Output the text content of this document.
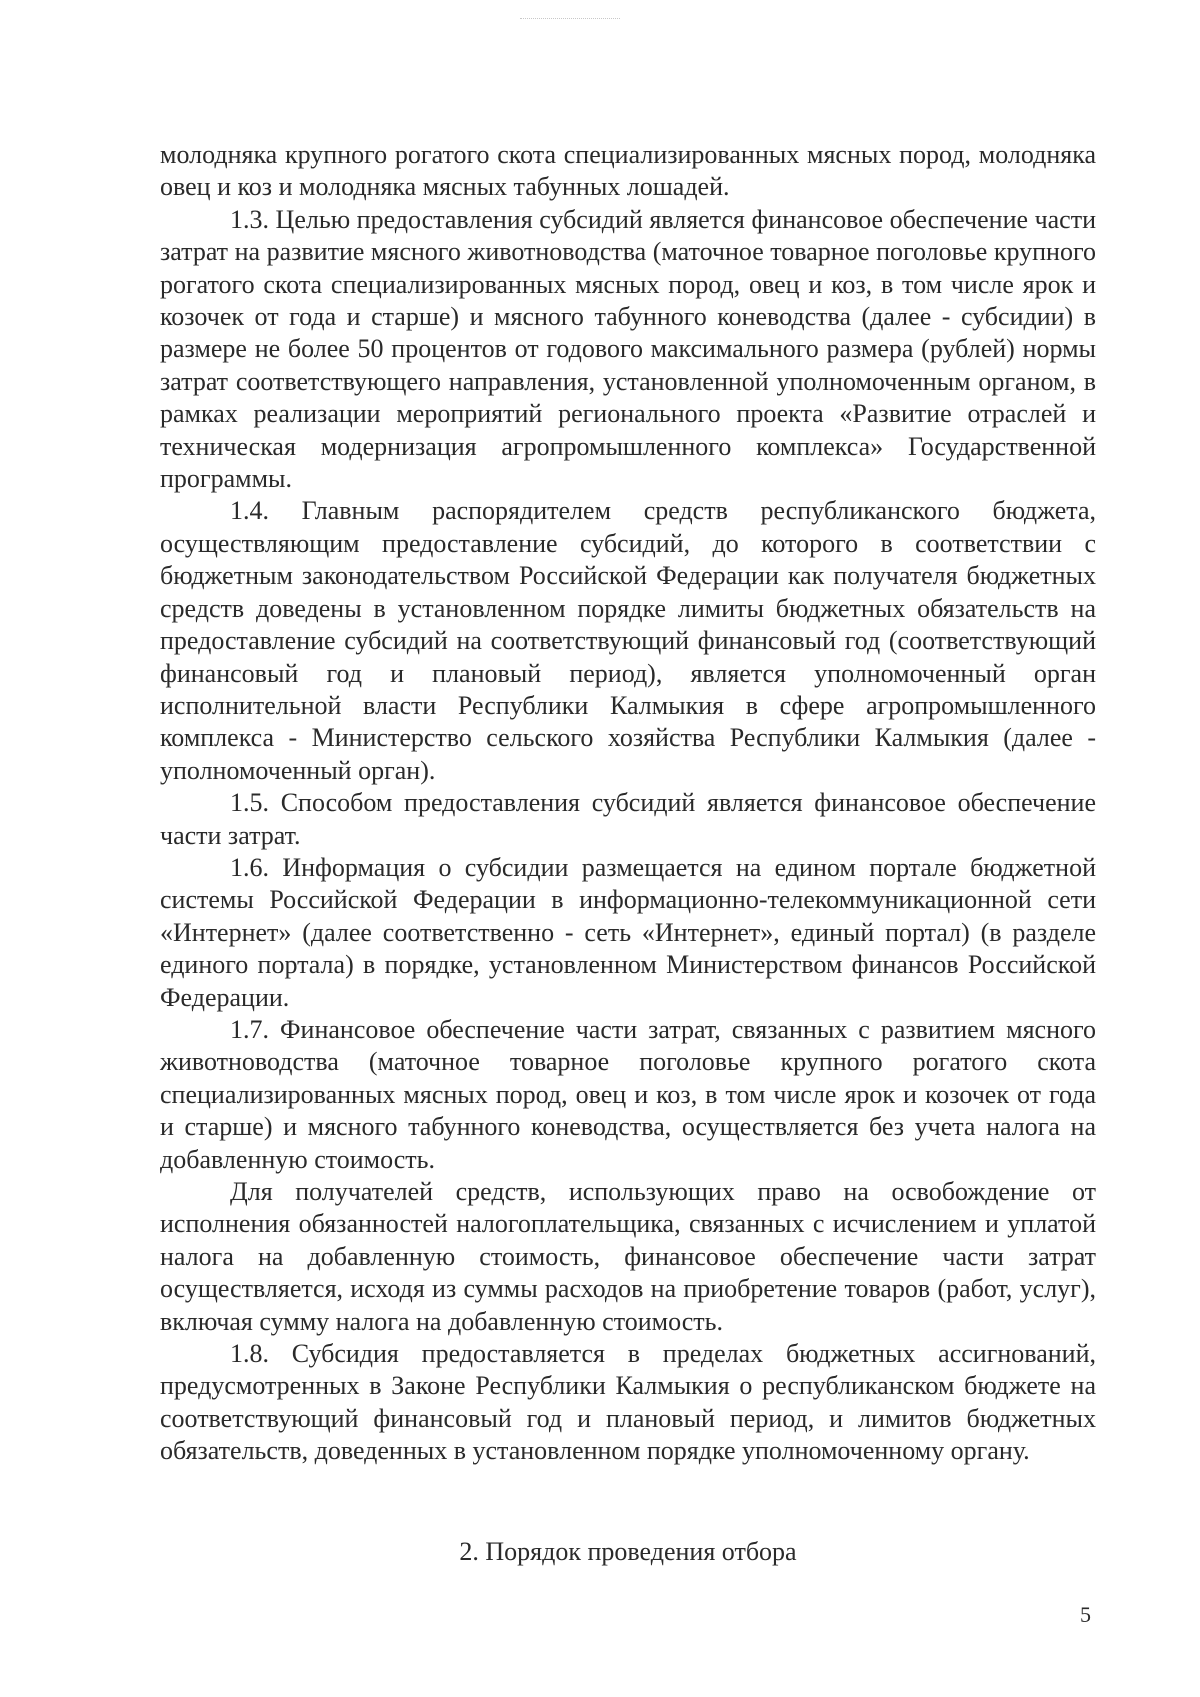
молодняка крупного рогатого скота специализированных мясных пород, молодняка овец и коз и молодняка мясных табунных лошадей.

1.3. Целью предоставления субсидий является финансовое обеспечение части затрат на развитие мясного животноводства (маточное товарное поголовье крупного рогатого скота специализированных мясных пород, овец и коз, в том числе ярок и козочек от года и старше) и мясного табунного коневодства (далее - субсидии) в размере не более 50 процентов от годового максимального размера (рублей) нормы затрат соответствующего направления, установленной уполномоченным органом, в рамках реализации мероприятий регионального проекта «Развитие отраслей и техническая модернизация агропромышленного комплекса» Государственной программы.

1.4. Главным распорядителем средств республиканского бюджета, осуществляющим предоставление субсидий, до которого в соответствии с бюджетным законодательством Российской Федерации как получателя бюджетных средств доведены в установленном порядке лимиты бюджетных обязательств на предоставление субсидий на соответствующий финансовый год (соответствующий финансовый год и плановый период), является уполномоченный орган исполнительной власти Республики Калмыкия в сфере агропромышленного комплекса - Министерство сельского хозяйства Республики Калмыкия (далее - уполномоченный орган).

1.5. Способом предоставления субсидий является финансовое обеспечение части затрат.

1.6. Информация о субсидии размещается на едином портале бюджетной системы Российской Федерации в информационно-телекоммуникационной сети «Интернет» (далее соответственно - сеть «Интернет», единый портал) (в разделе единого портала) в порядке, установленном Министерством финансов Российской Федерации.

1.7. Финансовое обеспечение части затрат, связанных с развитием мясного животноводства (маточное товарное поголовье крупного рогатого скота специализированных мясных пород, овец и коз, в том числе ярок и козочек от года и старше) и мясного табунного коневодства, осуществляется без учета налога на добавленную стоимость.

Для получателей средств, использующих право на освобождение от исполнения обязанностей налогоплательщика, связанных с исчислением и уплатой налога на добавленную стоимость, финансовое обеспечение части затрат осуществляется, исходя из суммы расходов на приобретение товаров (работ, услуг), включая сумму налога на добавленную стоимость.

1.8. Субсидия предоставляется в пределах бюджетных ассигнований, предусмотренных в Законе Республики Калмыкия о республиканском бюджете на соответствующий финансовый год и плановый период, и лимитов бюджетных обязательств, доведенных в установленном порядке уполномоченному органу.

2. Порядок проведения отбора
5
